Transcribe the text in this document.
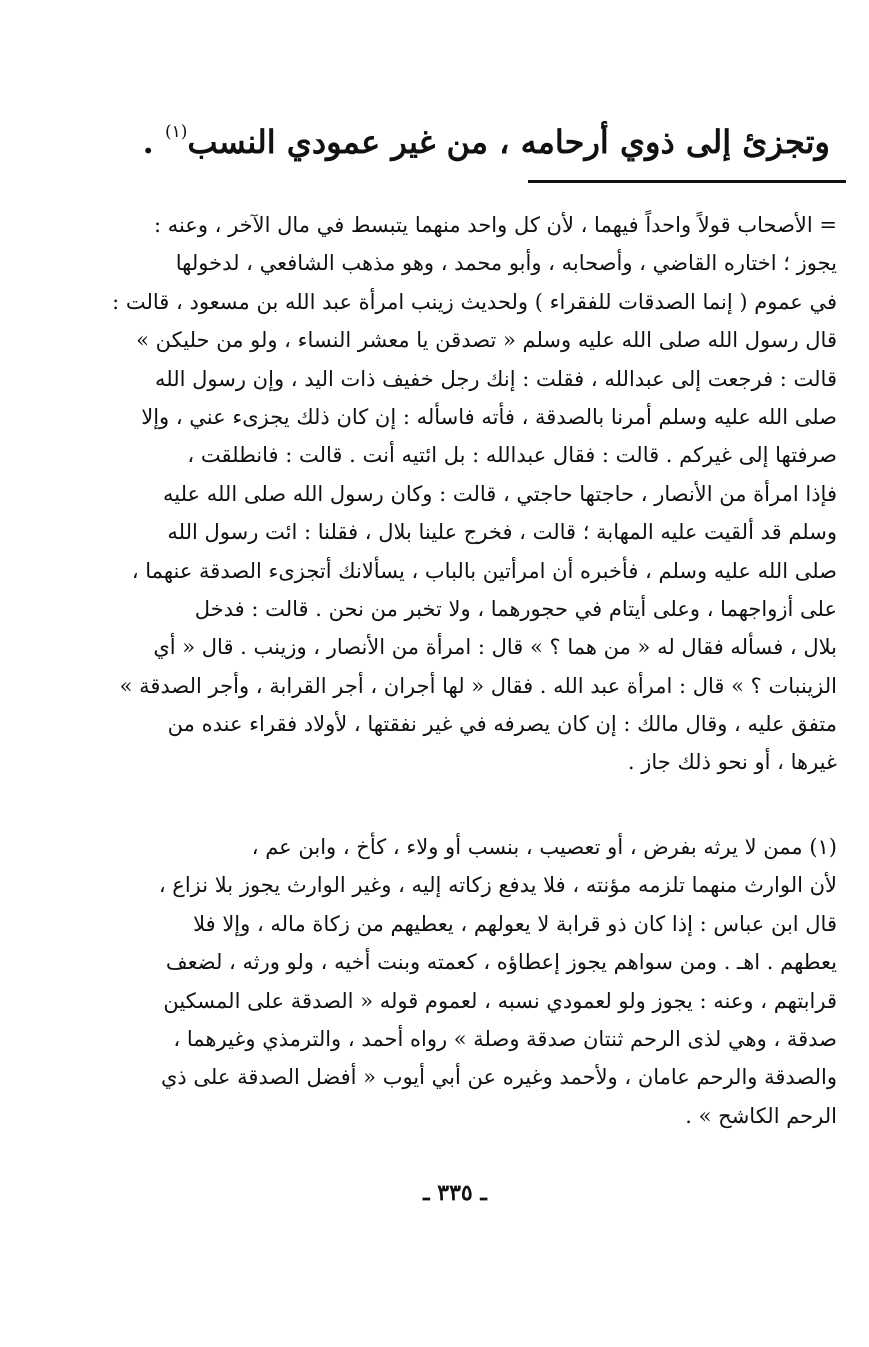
وتجزئ إلى ذوي أرحامه ، من غير عمودي النسب$^{(١)}$ .
= الأصحاب قولاً واحداً فيهما ، لأن كل واحد منهما يتبسط في مال الآخر ، وعنه :
يجوز ؛ اختاره القاضي ، وأصحابه ، وأبو محمد ، وهو مذهب الشافعي ، لدخولها
في عموم ( إنما الصدقات للفقراء ) ولحديث زينب امرأة عبد الله بن مسعود ، قالت :
قال رسول الله صلى الله عليه وسلم « تصدقن يا معشر النساء ، ولو من حليكن »
قالت : فرجعت إلى عبدالله ، فقلت : إنك رجل خفيف ذات اليد ، وإن رسول الله
صلى الله عليه وسلم أمرنا بالصدقة ، فأته فاسأله : إن كان ذلك يجزىء عني ، وإلا
صرفتها إلى غيركم . قالت : فقال عبدالله : بل ائتيه أنت . قالت : فانطلقت ،
فإذا امرأة من الأنصار ، حاجتها حاجتي ، قالت : وكان رسول الله صلى الله عليه
وسلم قد ألقيت عليه المهابة ؛ قالت ، فخرج علينا بلال ، فقلنا : ائت رسول الله
صلى الله عليه وسلم ، فأخبره أن امرأتين بالباب ، يسألانك أتجزىء الصدقة عنهما ،
على أزواجهما ، وعلى أيتام في حجورهما ، ولا تخبر من نحن . قالت : فدخل
بلال ، فسأله فقال له « من هما ؟ » قال : امرأة من الأنصار ، وزينب . قال « أي
الزينبات ؟ » قال : امرأة عبد الله . فقال « لها أجران ، أجر القرابة ، وأجر الصدقة »
متفق عليه ، وقال مالك : إن كان يصرفه في غير نفقتها ، لأولاد فقراء عنده من
غيرها ، أو نحو ذلك جاز .
(١) ممن لا يرثه بفرض ، أو تعصيب ، بنسب أو ولاء ، كأخ ، وابن عم ،
لأن الوارث منهما تلزمه مؤنته ، فلا يدفع زكاته إليه ، وغير الوارث يجوز بلا نزاع ،
قال ابن عباس : إذا كان ذو قرابة لا يعولهم ، يعطيهم من زكاة ماله ، وإلا فلا
يعطهم . اهـ . ومن سواهم يجوز إعطاؤه ، كعمته وبنت أخيه ، ولو ورثه ، لضعف
قرابتهم ، وعنه : يجوز ولو لعمودي نسبه ، لعموم قوله « الصدقة على المسكين
صدقة ، وهي لذى الرحم ثنتان صدقة وصلة » رواه أحمد ، والترمذي وغيرهما ،
والصدقة والرحم عامان ، ولأحمد وغيره عن أبي أيوب « أفضل الصدقة على ذي
الرحم الكاشح » .
ـ ٣٣٥ ـ
